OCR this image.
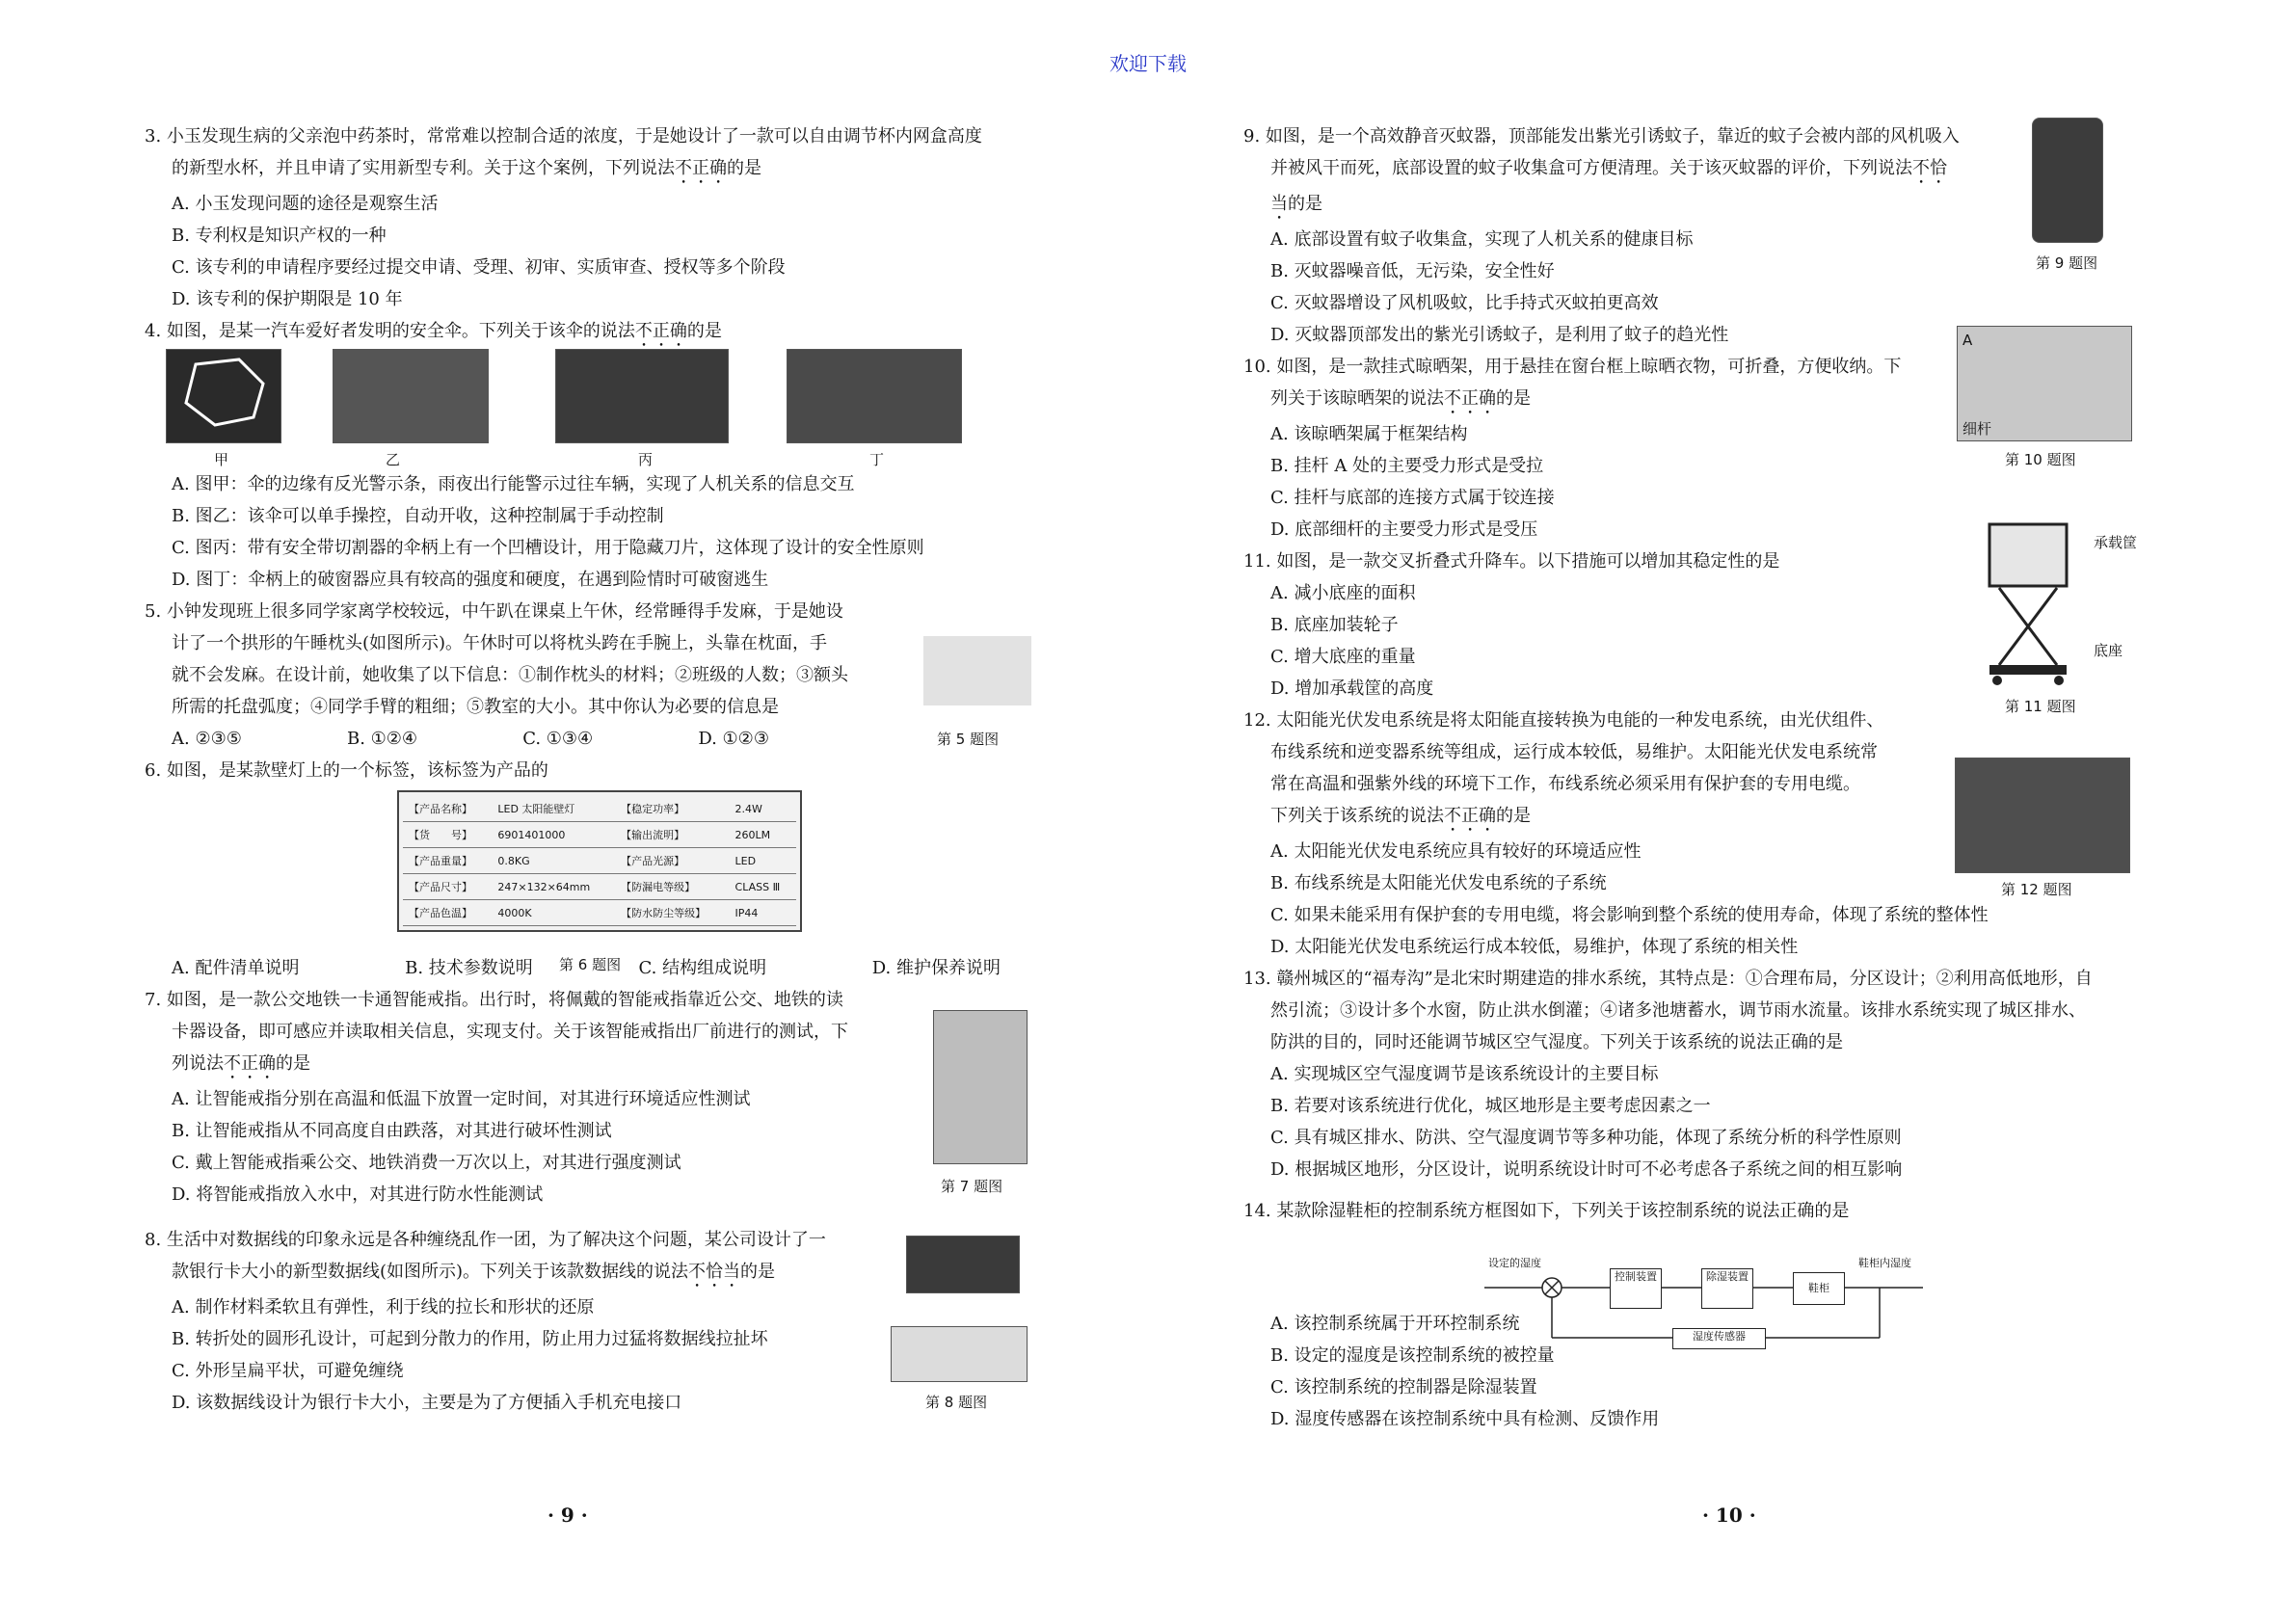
欢迎下载

3. 小玉发现生病的父亲泡中药茶时，常常难以控制合适的浓度，于是她设计了一款可以自由调节杯内网盒高度

的新型水杯，并且申请了实用新型专利。关于这个案例，下列说法不正确的是

A. 小玉发现问题的途径是观察生活

B. 专利权是知识产权的一种

C. 该专利的申请程序要经过提交申请、受理、初审、实质审查、授权等多个阶段

D. 该专利的保护期限是 10 年

4. 如图，是某一汽车爱好者发明的安全伞。下列关于该伞的说法不正确的是

A. 图甲：伞的边缘有反光警示条，雨夜出行能警示过往车辆，实现了人机关系的信息交互

B. 图乙：该伞可以单手操控，自动开收，这种控制属于手动控制

C. 图丙：带有安全带切割器的伞柄上有一个凹槽设计，用于隐藏刀片，这体现了设计的安全性原则

D. 图丁：伞柄上的破窗器应具有较高的强度和硬度，在遇到险情时可破窗逃生

5. 小钟发现班上很多同学家离学校较远，中午趴在课桌上午休，经常睡得手发麻，于是她设

计了一个拱形的午睡枕头(如图所示)。午休时可以将枕头跨在手腕上，头靠在枕面，手

就不会发麻。在设计前，她收集了以下信息：①制作枕头的材料；②班级的人数；③额头

所需的托盘弧度；④同学手臂的粗细；⑤教室的大小。其中你认为必要的信息是

A. ②③⑤	B. ①②④	C. ①③④	D. ①②③

6. 如图，是某款壁灯上的一个标签，该标签为产品的

A. 配件清单说明	B. 技术参数说明	C. 结构组成说明	D. 维护保养说明

7. 如图，是一款公交地铁一卡通智能戒指。出行时，将佩戴的智能戒指靠近公交、地铁的读

卡器设备，即可感应并读取相关信息，实现支付。关于该智能戒指出厂前进行的测试，下

列说法不正确的是

A. 让智能戒指分别在高温和低温下放置一定时间，对其进行环境适应性测试

B. 让智能戒指从不同高度自由跌落，对其进行破坏性测试

C. 戴上智能戒指乘公交、地铁消费一万次以上，对其进行强度测试

D. 将智能戒指放入水中，对其进行防水性能测试

8. 生活中对数据线的印象永远是各种缠绕乱作一团，为了解决这个问题，某公司设计了一

款银行卡大小的新型数据线(如图所示)。下列关于该款数据线的说法不恰当的是

A. 制作材料柔软且有弹性，利于线的拉长和形状的还原

B. 转折处的圆形孔设计，可起到分散力的作用，防止用力过猛将数据线拉扯坏

C. 外形呈扁平状，可避免缠绕

D. 该数据线设计为银行卡大小，主要是为了方便插入手机充电接口

甲	乙	丙	丁
第 5 题图
【产品名称】	LED 太阳能壁灯	【稳定功率】	2.4W
【货　　号】	6901401000	【输出流明】	260LM
【产品重量】	0.8KG	【产品光源】	LED
【产品尺寸】	247×132×64mm	【防漏电等级】	CLASS Ⅲ
【产品色温】	4000K	【防水防尘等级】	IP44
第 6 题图
第 7 题图
第 8 题图
· 9 ·

9. 如图，是一个高效静音灭蚊器，顶部能发出紫光引诱蚊子，靠近的蚊子会被内部的风机吸入

并被风干而死，底部设置的蚊子收集盒可方便清理。关于该灭蚊器的评价，下列说法不恰

当的是

A. 底部设置有蚊子收集盒，实现了人机关系的健康目标

B. 灭蚊器噪音低，无污染，安全性好

C. 灭蚊器增设了风机吸蚊，比手持式灭蚊拍更高效

D. 灭蚊器顶部发出的紫光引诱蚊子，是利用了蚊子的趋光性

10. 如图，是一款挂式晾晒架，用于悬挂在窗台框上晾晒衣物，可折叠，方便收纳。下

列关于该晾晒架的说法不正确的是

A. 该晾晒架属于框架结构

B. 挂杆 A 处的主要受力形式是受拉

C. 挂杆与底部的连接方式属于铰连接

D. 底部细杆的主要受力形式是受压

11. 如图，是一款交叉折叠式升降车。以下措施可以增加其稳定性的是

A. 减小底座的面积

B. 底座加装轮子

C. 增大底座的重量

D. 增加承载筐的高度

12. 太阳能光伏发电系统是将太阳能直接转换为电能的一种发电系统，由光伏组件、

布线系统和逆变器系统等组成，运行成本较低，易维护。太阳能光伏发电系统常

常在高温和强紫外线的环境下工作，布线系统必须采用有保护套的专用电缆。

下列关于该系统的说法不正确的是

A. 太阳能光伏发电系统应具有较好的环境适应性

B. 布线系统是太阳能光伏发电系统的子系统

C. 如果未能采用有保护套的专用电缆，将会影响到整个系统的使用寿命，体现了系统的整体性

D. 太阳能光伏发电系统运行成本较低，易维护，体现了系统的相关性

13. 赣州城区的“福寿沟”是北宋时期建造的排水系统，其特点是：①合理布局，分区设计；②利用高低地形，自

然引流；③设计多个水窗，防止洪水倒灌；④诸多池塘蓄水，调节雨水流量。该排水系统实现了城区排水、

防洪的目的，同时还能调节城区空气湿度。下列关于该系统的说法正确的是

A. 实现城区空气湿度调节是该系统设计的主要目标

B. 若要对该系统进行优化，城区地形是主要考虑因素之一

C. 具有城区排水、防洪、空气湿度调节等多种功能，体现了系统分析的科学性原则

D. 根据城区地形，分区设计，说明系统设计时可不必考虑各子系统之间的相互影响

14. 某款除湿鞋柜的控制系统方框图如下，下列关于该控制系统的说法正确的是

A. 该控制系统属于开环控制系统

B. 设定的湿度是该控制系统的被控量

C. 该控制系统的控制器是除湿装置

D. 湿度传感器在该控制系统中具有检测、反馈作用

第 9 题图
A
细杆
第 10 题图
承载筐
底座
第 11 题图
第 12 题图
设定的湿度
控制装置	除湿装置
鞋柜
鞋柜内湿度
湿度传感器
· 10 ·
